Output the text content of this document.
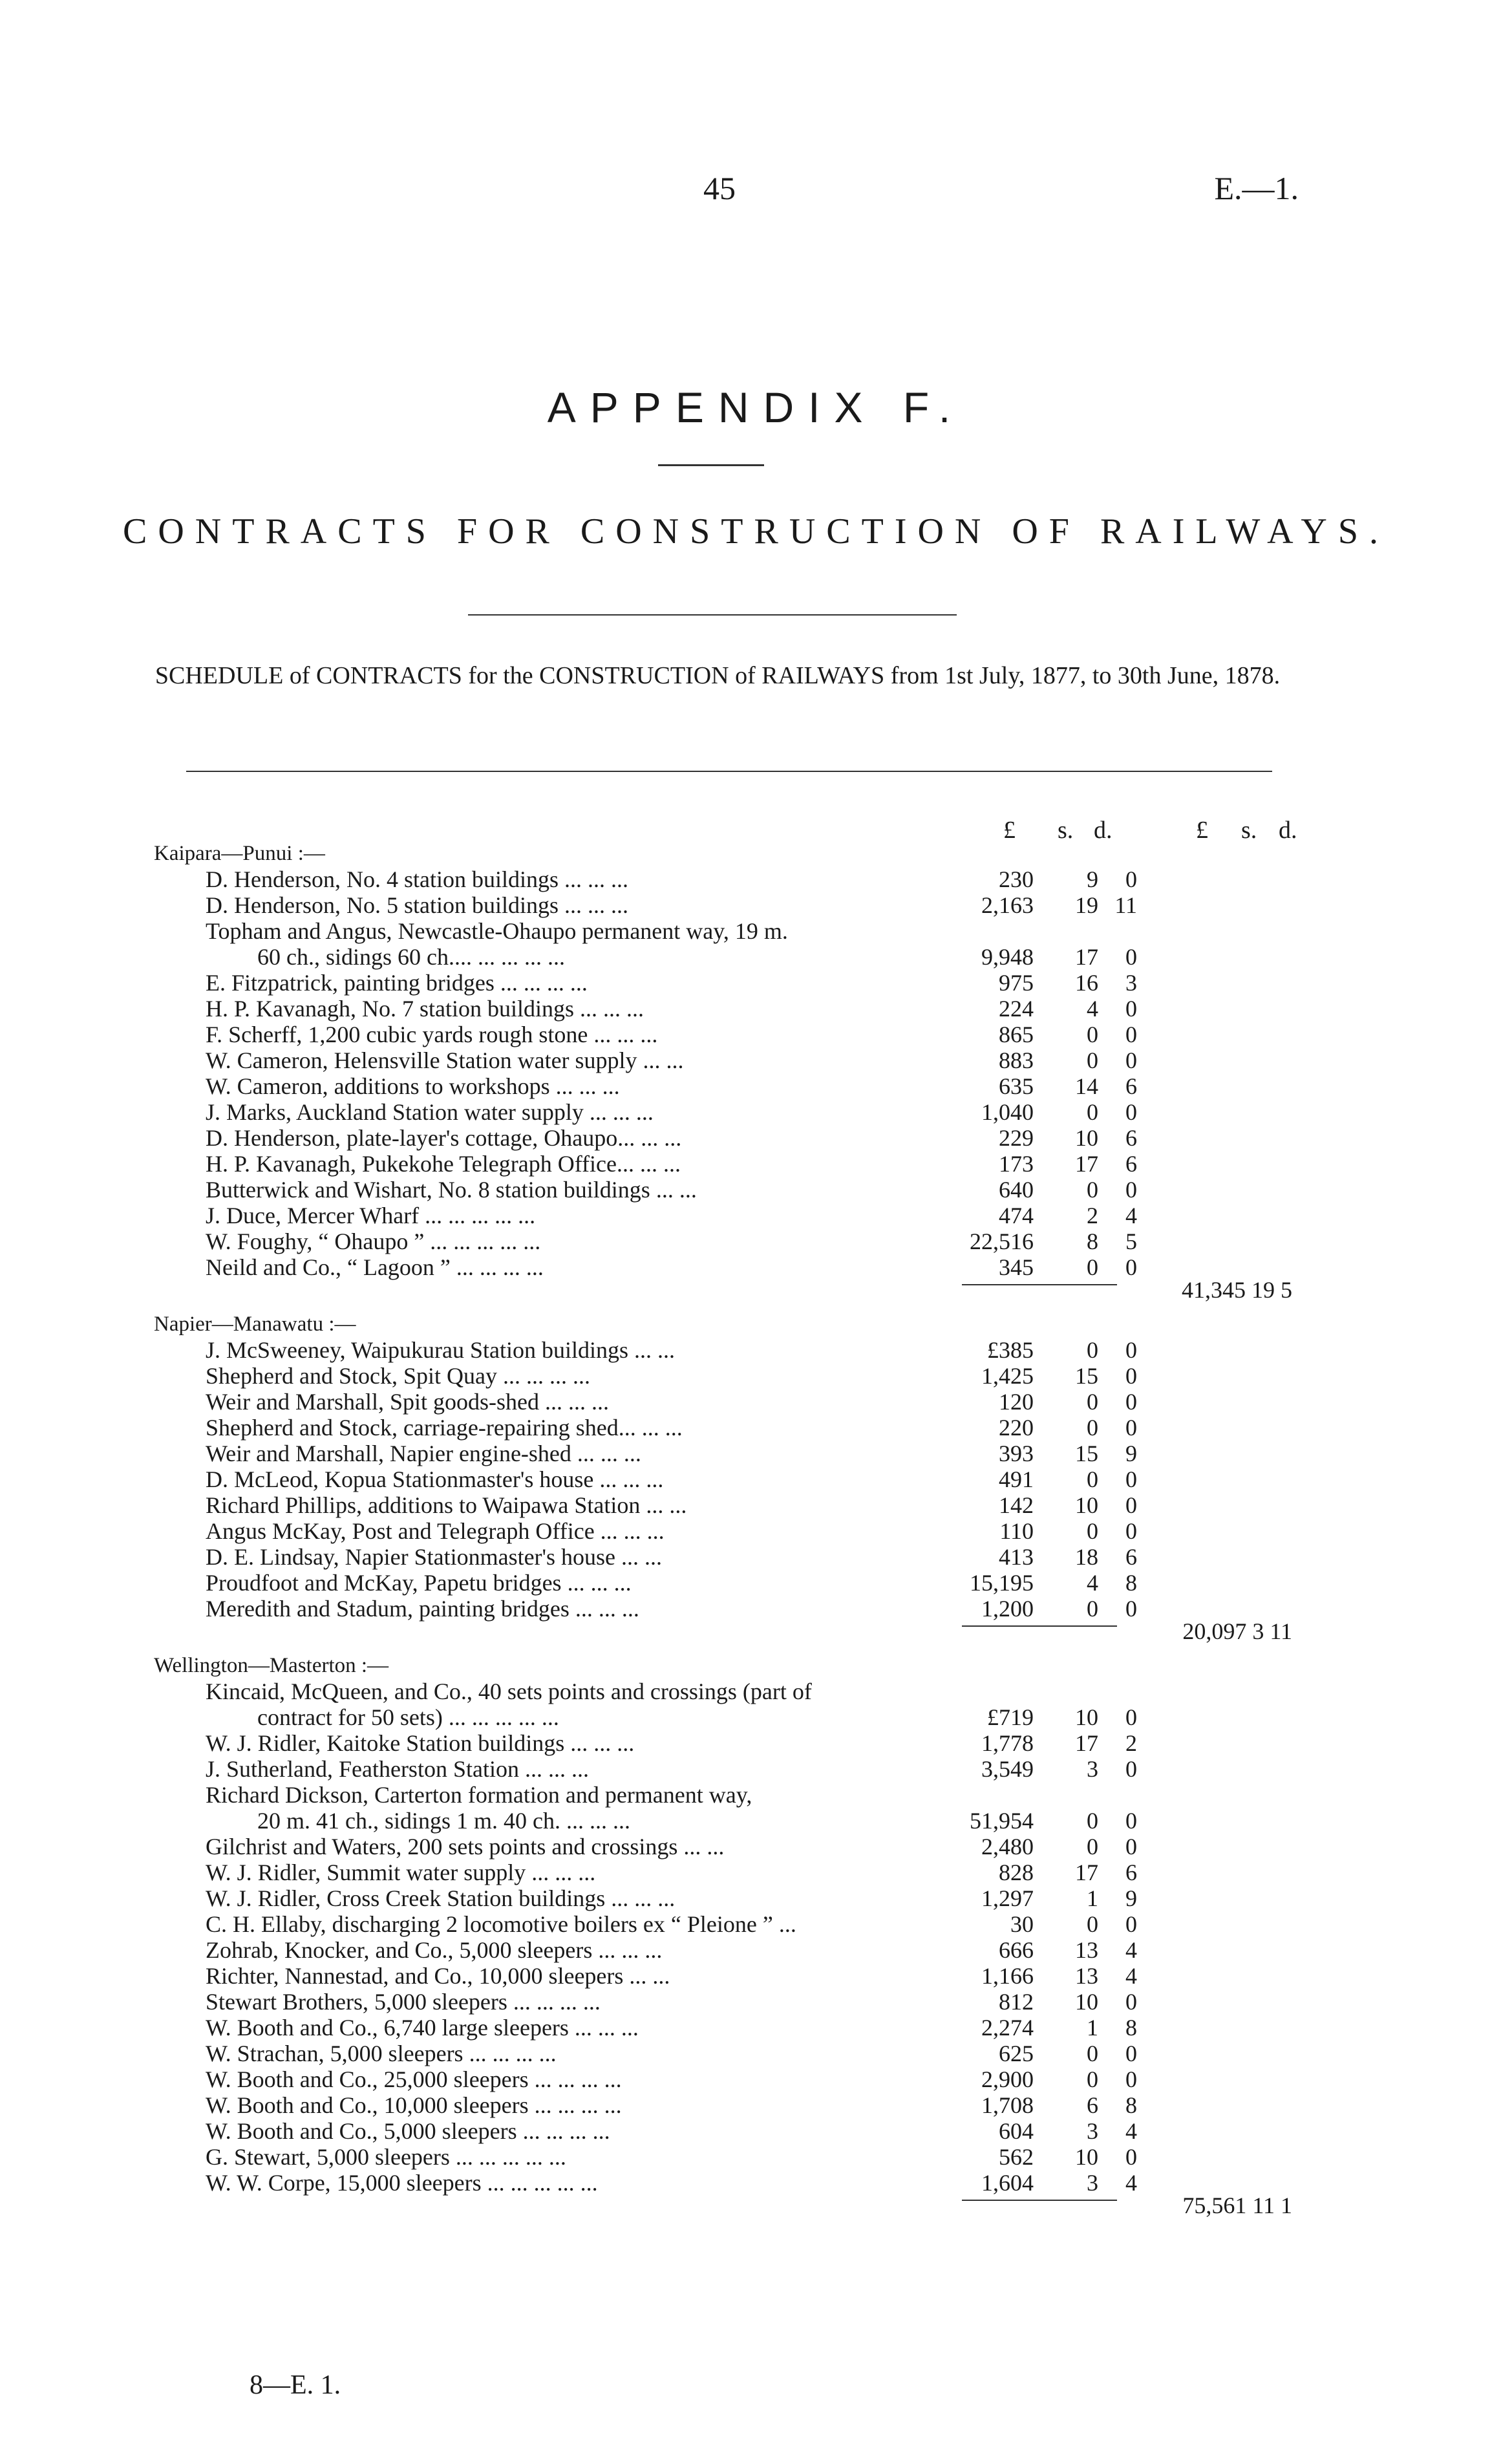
45	E.—1.
APPENDIX F.
CONTRACTS FOR CONSTRUCTION OF RAILWAYS.
SCHEDULE of CONTRACTS for the CONSTRUCTION of RAILWAYS from 1st July, 1877, to 30th June, 1878.
£ s. d.	£ s. d.
Kaipara—Punui :—
D. Henderson, No. 4 station buildings ... ... ...	230 9 0
D. Henderson, No. 5 station buildings ... ... ...	2,163 19 11
Topham and Angus, Newcastle-Ohaupo permanent way, 19 m.
60 ch., sidings 60 ch.... ... ... ... ...	9,948 17 0
E. Fitzpatrick, painting bridges ... ... ... ...	975 16 3
H. P. Kavanagh, No. 7 station buildings ... ... ...	224 4 0
F. Scherff, 1,200 cubic yards rough stone ... ... ...	865 0 0
W. Cameron, Helensville Station water supply ... ...	883 0 0
W. Cameron, additions to workshops ... ... ...	635 14 6
J. Marks, Auckland Station water supply ... ... ...	1,040 0 0
D. Henderson, plate-layer's cottage, Ohaupo... ... ...	229 10 6
H. P. Kavanagh, Pukekohe Telegraph Office... ... ...	173 17 6
Butterwick and Wishart, No. 8 station buildings ... ...	640 0 0
J. Duce, Mercer Wharf ... ... ... ... ...	474 2 4
W. Foughy, “ Ohaupo ” ... ... ... ... ...	22,516 8 5
Neild and Co., “ Lagoon ” ... ... ... ...	345 0 0
41,345 19 5
Napier—Manawatu :—
J. McSweeney, Waipukurau Station buildings ... ...	£385 0 0
Shepherd and Stock, Spit Quay ... ... ... ...	1,425 15 0
Weir and Marshall, Spit goods-shed ... ... ...	120 0 0
Shepherd and Stock, carriage-repairing shed... ... ...	220 0 0
Weir and Marshall, Napier engine-shed ... ... ...	393 15 9
D. McLeod, Kopua Stationmaster's house ... ... ...	491 0 0
Richard Phillips, additions to Waipawa Station ... ...	142 10 0
Angus McKay, Post and Telegraph Office ... ... ...	110 0 0
D. E. Lindsay, Napier Stationmaster's house ... ...	413 18 6
Proudfoot and McKay, Papetu bridges ... ... ...	15,195 4 8
Meredith and Stadum, painting bridges ... ... ...	1,200 0 0
20,097 3 11
Wellington—Masterton :—
Kincaid, McQueen, and Co., 40 sets points and crossings (part of
contract for 50 sets) ... ... ... ... ...	£719 10 0
W. J. Ridler, Kaitoke Station buildings ... ... ...	1,778 17 2
J. Sutherland, Featherston Station ... ... ...	3,549 3 0
Richard Dickson, Carterton formation and permanent way,
20 m. 41 ch., sidings 1 m. 40 ch. ... ... ...	51,954 0 0
Gilchrist and Waters, 200 sets points and crossings ... ...	2,480 0 0
W. J. Ridler, Summit water supply ... ... ...	828 17 6
W. J. Ridler, Cross Creek Station buildings ... ... ...	1,297 1 9
C. H. Ellaby, discharging 2 locomotive boilers ex “ Pleione ” ...	30 0 0
Zohrab, Knocker, and Co., 5,000 sleepers ... ... ...	666 13 4
Richter, Nannestad, and Co., 10,000 sleepers ... ...	1,166 13 4
Stewart Brothers, 5,000 sleepers ... ... ... ...	812 10 0
W. Booth and Co., 6,740 large sleepers ... ... ...	2,274 1 8
W. Strachan, 5,000 sleepers ... ... ... ...	625 0 0
W. Booth and Co., 25,000 sleepers ... ... ... ...	2,900 0 0
W. Booth and Co., 10,000 sleepers ... ... ... ...	1,708 6 8
W. Booth and Co., 5,000 sleepers ... ... ... ...	604 3 4
G. Stewart, 5,000 sleepers ... ... ... ... ...	562 10 0
W. W. Corpe, 15,000 sleepers ... ... ... ... ...	1,604 3 4
75,561 11 1
8—E. 1.
